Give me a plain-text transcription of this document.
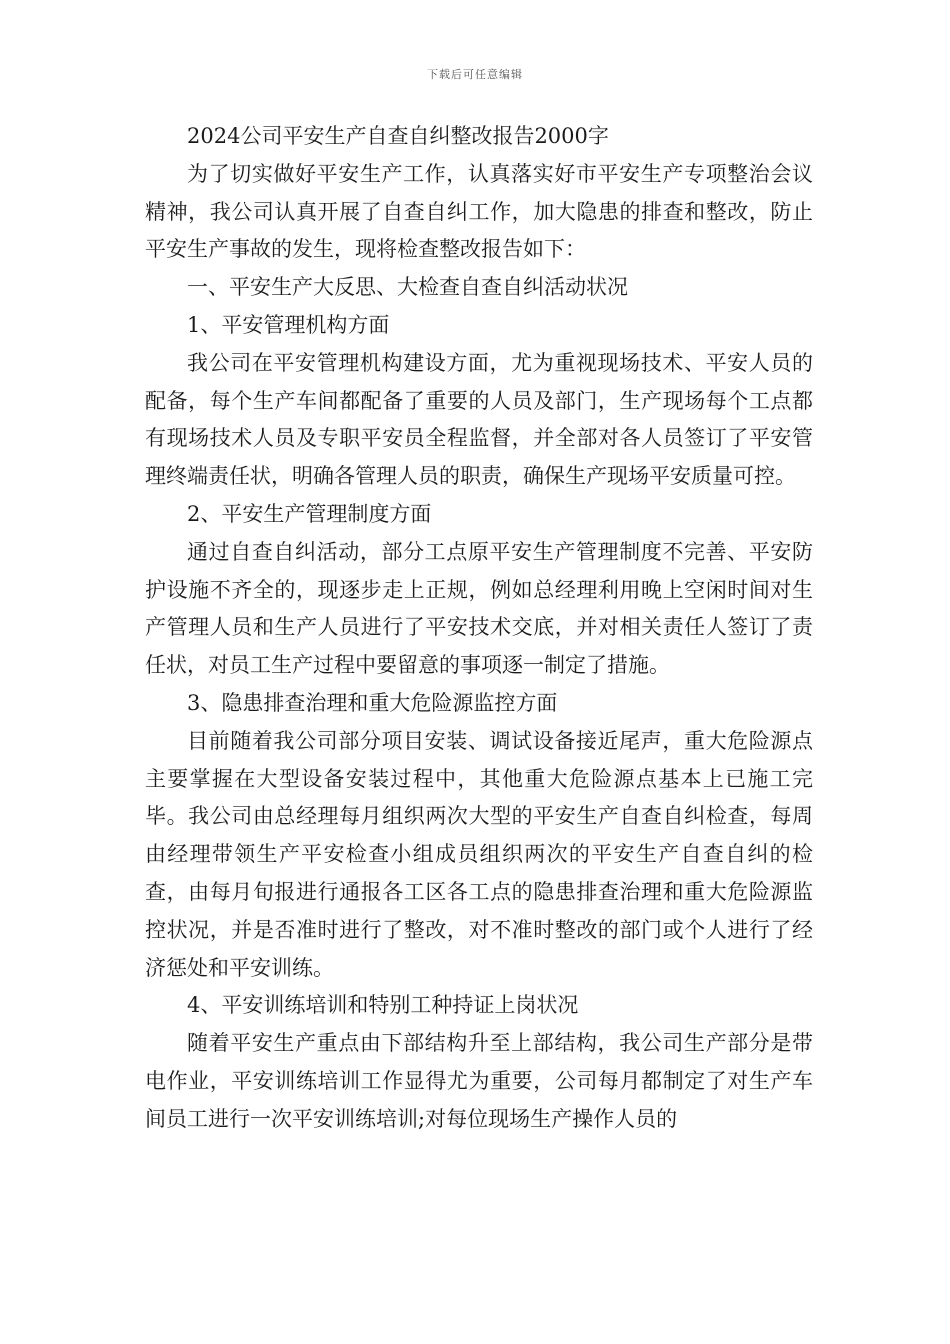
下载后可任意编辑

2024公司平安生产自查自纠整改报告2000字

为了切实做好平安生产工作，认真落实好市平安生产专项整治会议精神，我公司认真开展了自查自纠工作，加大隐患的排查和整改，防止平安生产事故的发生，现将检查整改报告如下：

一、平安生产大反思、大检查自查自纠活动状况

1、平安管理机构方面

我公司在平安管理机构建设方面，尤为重视现场技术、平安人员的配备，每个生产车间都配备了重要的人员及部门，生产现场每个工点都有现场技术人员及专职平安员全程监督，并全部对各人员签订了平安管理终端责任状，明确各管理人员的职责，确保生产现场平安质量可控。

2、平安生产管理制度方面

通过自查自纠活动，部分工点原平安生产管理制度不完善、平安防护设施不齐全的，现逐步走上正规，例如总经理利用晚上空闲时间对生产管理人员和生产人员进行了平安技术交底，并对相关责任人签订了责任状，对员工生产过程中要留意的事项逐一制定了措施。

3、隐患排查治理和重大危险源监控方面

目前随着我公司部分项目安装、调试设备接近尾声，重大危险源点主要掌握在大型设备安装过程中，其他重大危险源点基本上已施工完毕。我公司由总经理每月组织两次大型的平安生产自查自纠检查，每周由经理带领生产平安检查小组成员组织两次的平安生产自查自纠的检查，由每月旬报进行通报各工区各工点的隐患排查治理和重大危险源监控状况，并是否准时进行了整改，对不准时整改的部门或个人进行了经济惩处和平安训练。

4、平安训练培训和特别工种持证上岗状况

随着平安生产重点由下部结构升至上部结构，我公司生产部分是带电作业，平安训练培训工作显得尤为重要，公司每月都制定了对生产车间员工进行一次平安训练培训;对每位现场生产操作人员的
